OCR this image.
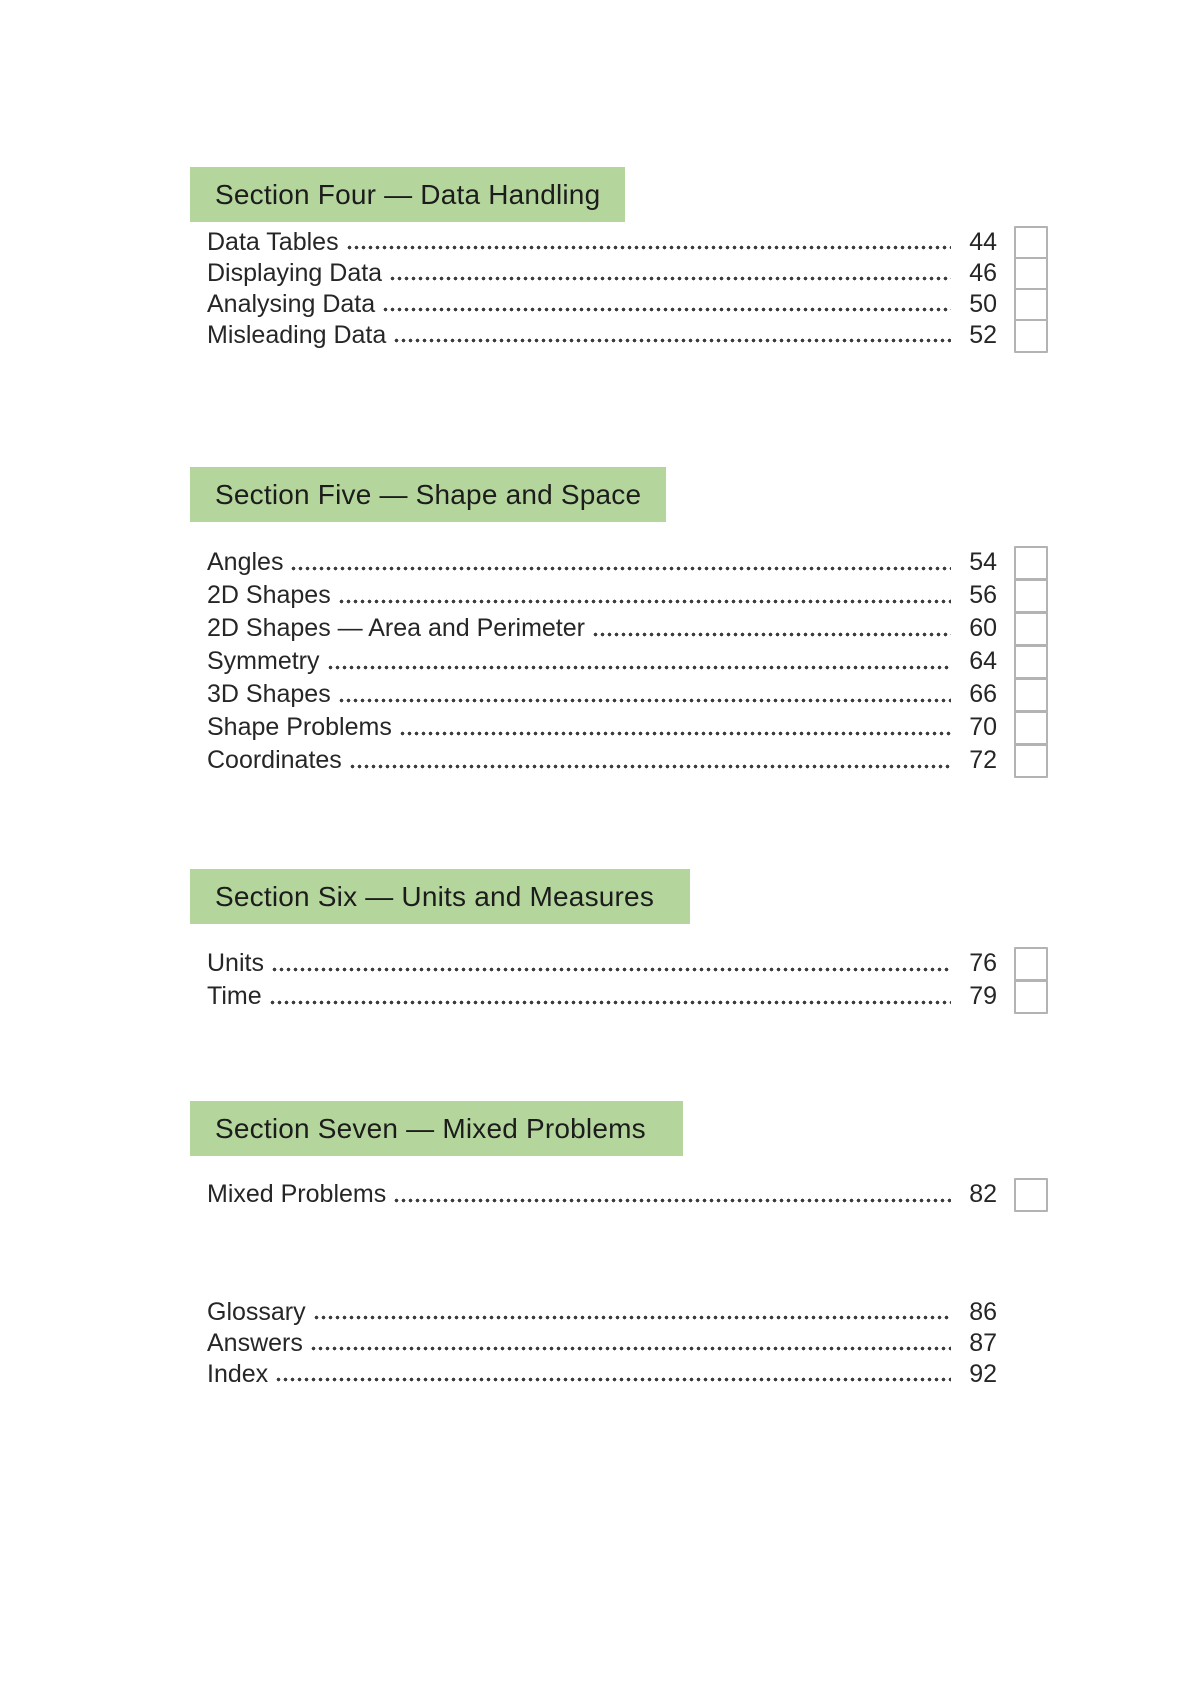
Section Four — Data Handling
Data Tables	44
Displaying Data	46
Analysing Data	50
Misleading Data	52
Section Five — Shape and Space
Angles	54
2D Shapes	56
2D Shapes — Area and Perimeter	60
Symmetry	64
3D Shapes	66
Shape Problems	70
Coordinates	72
Section Six — Units and Measures
Units	76
Time	79
Section Seven — Mixed Problems
Mixed Problems	82
Glossary	86
Answers	87
Index	92
